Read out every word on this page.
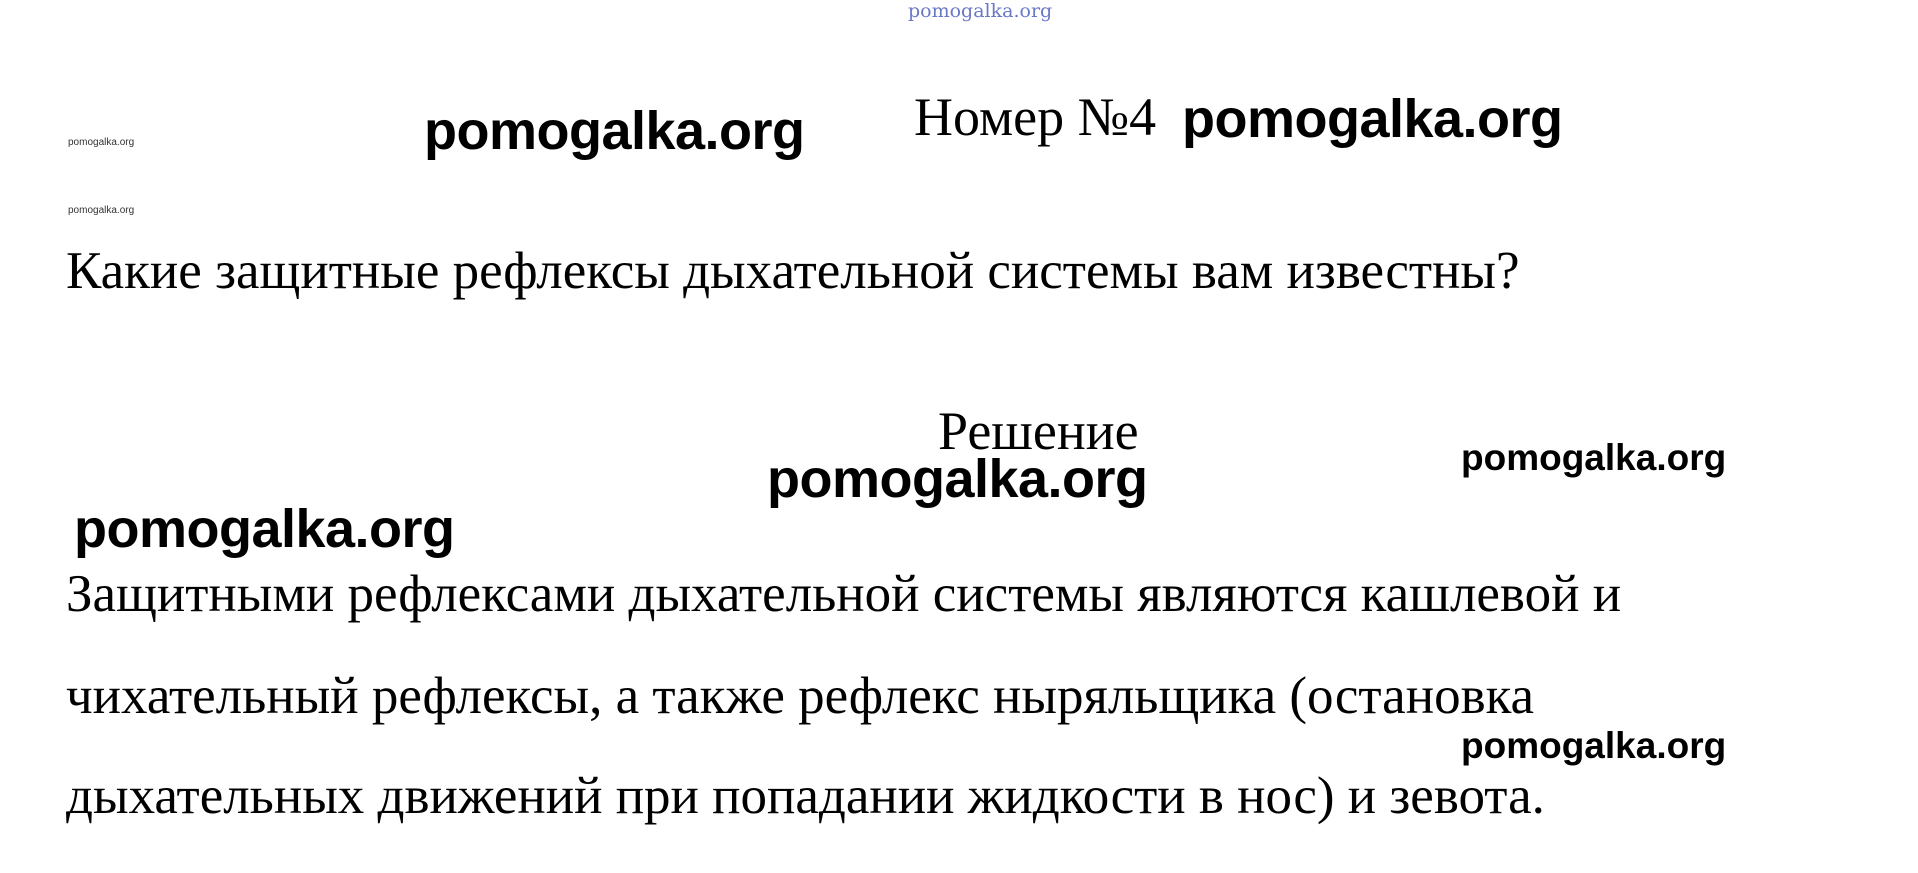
pomogalka.org
pomogalka.org
pomogalka.org
pomogalka.org Номер №4 pomogalka.org
Какие защитные рефлексы дыхательной системы вам известны?
Решение	pomogalka.org
pomogalka.org
pomogalka.org
Защитными рефлексами дыхательной системы являются кашлевой и
чихательный рефлексы, а также рефлекс ныряльщика (остановка
pomogalka.org
дыхательных движений при попадании жидкости в нос) и зевота.
